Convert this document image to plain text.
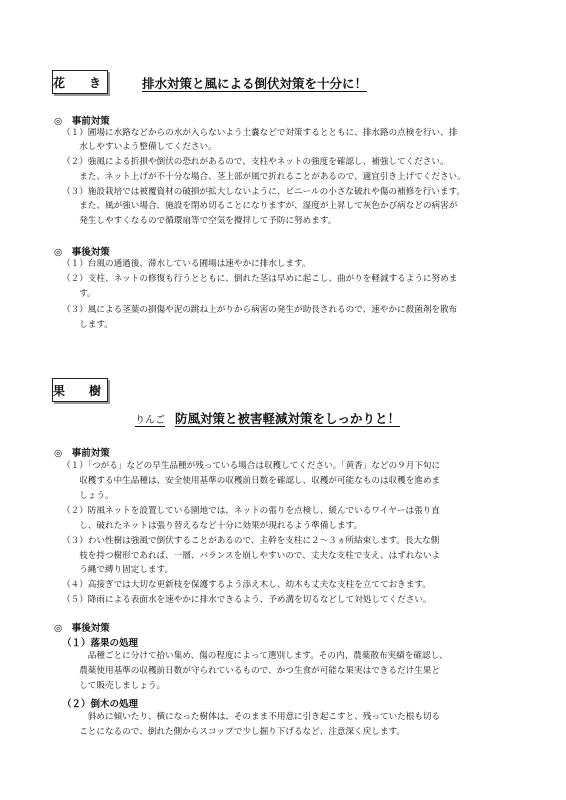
花　き	排水対策と風による倒伏対策を十分に！
◎　事前対策
（１）圃場に水路などからの水が入らないよう土嚢などで対策するとともに、排水路の点検を行い、排
　　水しやすいよう整備してください。
（２）強風による折損や倒伏の恐れがあるので、支柱やネットの強度を確認し、補強してください。
　　また、ネット上げが不十分な場合、茎上部が風で折れることがあるので、適宜引き上げてください。
（３）施設栽培では被覆資材の破損が拡大しないように、ビニールの小さな破れや傷の補修を行います。
　　また、風が強い場合、施設を閉め切ることになりますが、湿度が上昇して灰色かび病などの病害が
　　発生しやすくなるので循環扇等で空気を攪拌して予防に努めます。
◎　事後対策
（１）台風の通過後、滞水している圃場は速やかに排水します。
（２）支柱、ネットの修復も行うとともに、倒れた茎は早めに起こし、曲がりを軽減するように努めま
　　す。
（３）風による茎葉の損傷や泥の跳ね上がりから病害の発生が助長されるので、速やかに殺菌剤を散布
　　します。
果　樹
りんご 防風対策と被害軽減対策をしっかりと！
◎　事前対策
（１）「つがる」などの早生品種が残っている場合は収穫してください。「黄香」などの９月下旬に
　　収穫する中生品種は、安全使用基準の収穫前日数を確認し、収穫が可能なものは収穫を進めま
　　しょう。
（２）防風ネットを設置している園地では、ネットの張りを点検し、緩んでいるワイヤーは張り直
　　し、破れたネットは張り替えるなど十分に効果が現れるよう準備します。
（３）わい性樹は強風で倒伏することがあるので、主幹を支柱に２～３ヵ所結束します。長大な側
　　枝を持つ樹形であれば、一層、バランスを崩しやすいので、丈夫な支柱で支え、はずれないよ
　　う縄で縛り固定します。
（４）高接ぎでは大切な更新枝を保護するよう添え木し、幼木も丈夫な支柱を立てておきます。
（５）降雨による表面水を速やかに排水できるよう、予め溝を切るなどして対処してください。
◎　事後対策
（１）落果の処理
　　　品種ごとに分けて拾い集め、傷の程度によって選別します。その内、農薬散布実績を確認し、
　　農薬使用基準の収穫前日数が守られているもので、かつ生食が可能な果実はできるだけ生果と
　　して販売しましょう。
（２）倒木の処理
　　　斜めに傾いたり、横になった樹体は、そのまま不用意に引き起こすと、残っていた根も切る
　　ことになるので、倒れた側からスコップで少し掘り下げるなど、注意深く戻します。
